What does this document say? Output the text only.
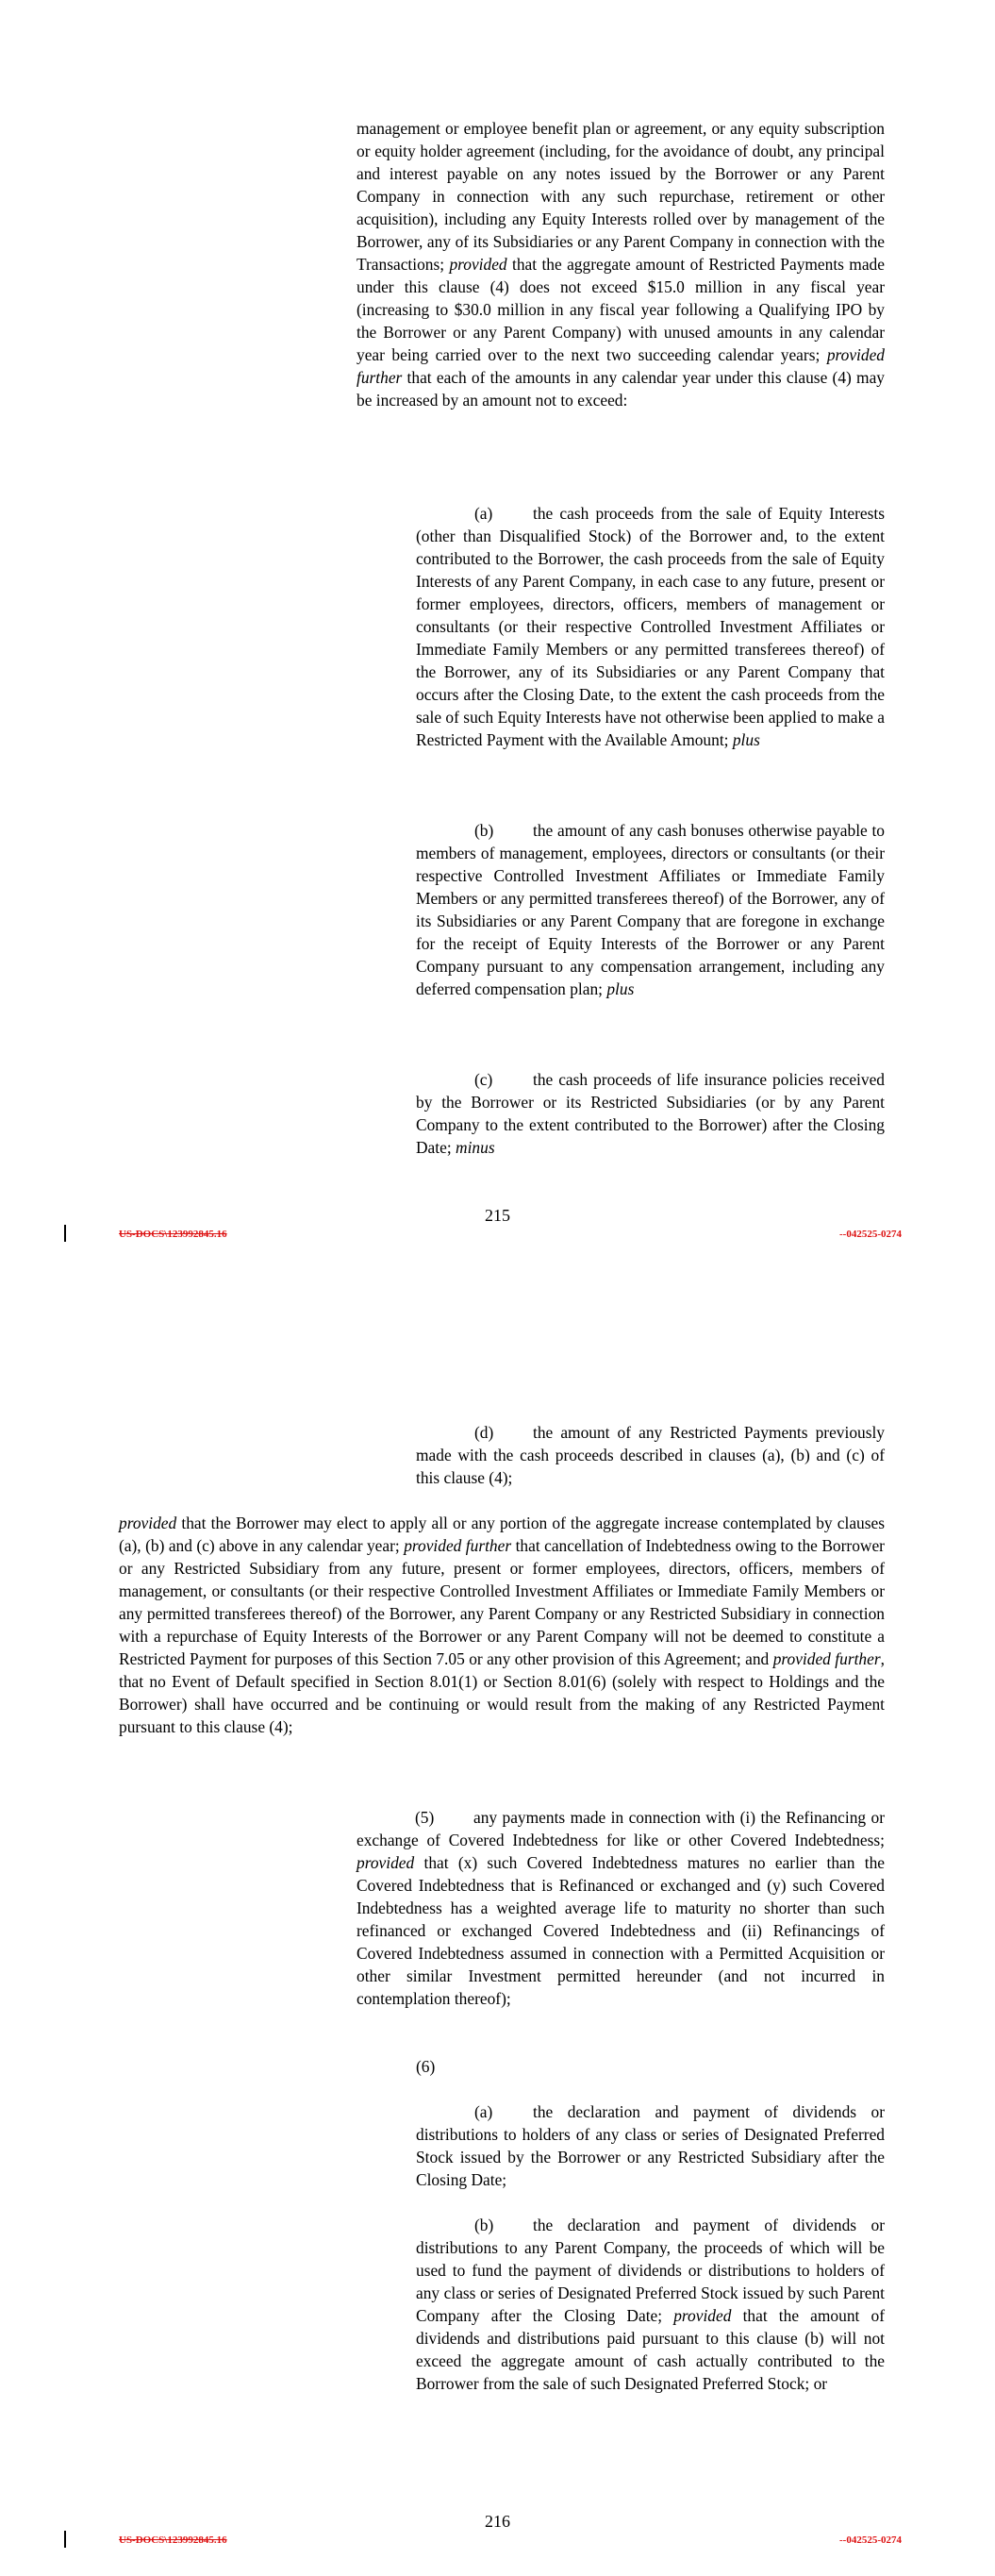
management or employee benefit plan or agreement, or any equity subscription or equity holder agreement (including, for the avoidance of doubt, any principal and interest payable on any notes issued by the Borrower or any Parent Company in connection with any such repurchase, retirement or other acquisition), including any Equity Interests rolled over by management of the Borrower, any of its Subsidiaries or any Parent Company in connection with the Transactions; provided that the aggregate amount of Restricted Payments made under this clause (4) does not exceed $15.0 million in any fiscal year (increasing to $30.0 million in any fiscal year following a Qualifying IPO by the Borrower or any Parent Company) with unused amounts in any calendar year being carried over to the next two succeeding calendar years; provided further that each of the amounts in any calendar year under this clause (4) may be increased by an amount not to exceed:

(a) the cash proceeds from the sale of Equity Interests (other than Disqualified Stock) of the Borrower and, to the extent contributed to the Borrower, the cash proceeds from the sale of Equity Interests of any Parent Company, in each case to any future, present or former employees, directors, officers, members of management or consultants (or their respective Controlled Investment Affiliates or Immediate Family Members or any permitted transferees thereof) of the Borrower, any of its Subsidiaries or any Parent Company that occurs after the Closing Date, to the extent the cash proceeds from the sale of such Equity Interests have not otherwise been applied to make a Restricted Payment with the Available Amount; plus

(b) the amount of any cash bonuses otherwise payable to members of management, employees, directors or consultants (or their respective Controlled Investment Affiliates or Immediate Family Members or any permitted transferees thereof) of the Borrower, any of its Subsidiaries or any Parent Company that are foregone in exchange for the receipt of Equity Interests of the Borrower or any Parent Company pursuant to any compensation arrangement, including any deferred compensation plan; plus

(c) the cash proceeds of life insurance policies received by the Borrower or its Restricted Subsidiaries (or by any Parent Company to the extent contributed to the Borrower) after the Closing Date; minus

215
US-DOCS\123992845.16	--042525-0274

(d) the amount of any Restricted Payments previously made with the cash proceeds described in clauses (a), (b) and (c) of this clause (4);

provided that the Borrower may elect to apply all or any portion of the aggregate increase contemplated by clauses (a), (b) and (c) above in any calendar year; provided further that cancellation of Indebtedness owing to the Borrower or any Restricted Subsidiary from any future, present or former employees, directors, officers, members of management, or consultants (or their respective Controlled Investment Affiliates or Immediate Family Members or any permitted transferees thereof) of the Borrower, any Parent Company or any Restricted Subsidiary in connection with a repurchase of Equity Interests of the Borrower or any Parent Company will not be deemed to constitute a Restricted Payment for purposes of this Section 7.05 or any other provision of this Agreement; and provided further, that no Event of Default specified in Section 8.01(1) or Section 8.01(6) (solely with respect to Holdings and the Borrower) shall have occurred and be continuing or would result from the making of any Restricted Payment pursuant to this clause (4);

(5) any payments made in connection with (i) the Refinancing or exchange of Covered Indebtedness for like or other Covered Indebtedness; provided that (x) such Covered Indebtedness matures no earlier than the Covered Indebtedness that is Refinanced or exchanged and (y) such Covered Indebtedness has a weighted average life to maturity no shorter than such refinanced or exchanged Covered Indebtedness and (ii) Refinancings of Covered Indebtedness assumed in connection with a Permitted Acquisition or other similar Investment permitted hereunder (and not incurred in contemplation thereof);

(6)

(a) the declaration and payment of dividends or distributions to holders of any class or series of Designated Preferred Stock issued by the Borrower or any Restricted Subsidiary after the Closing Date;

(b) the declaration and payment of dividends or distributions to any Parent Company, the proceeds of which will be used to fund the payment of dividends or distributions to holders of any class or series of Designated Preferred Stock issued by such Parent Company after the Closing Date; provided that the amount of dividends and distributions paid pursuant to this clause (b) will not exceed the aggregate amount of cash actually contributed to the Borrower from the sale of such Designated Preferred Stock; or

216
US-DOCS\123992845.16	--042525-0274
